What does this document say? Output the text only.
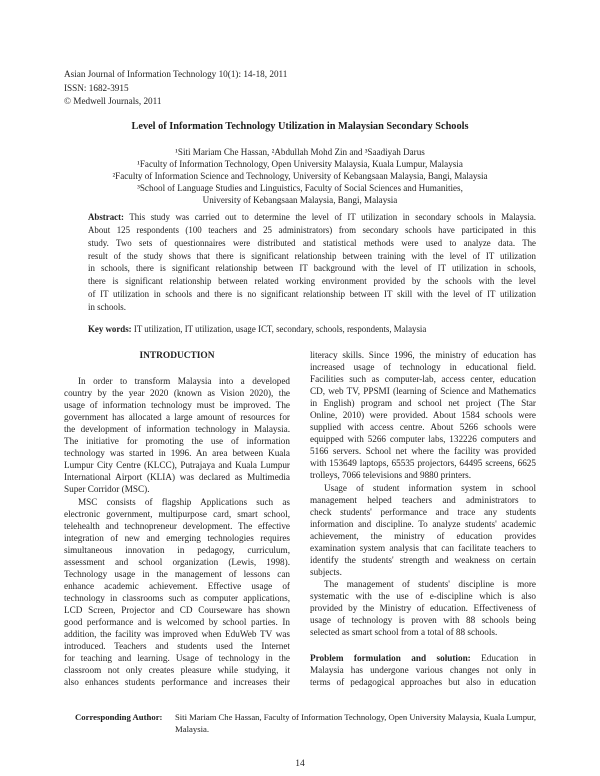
Asian Journal of Information Technology 10(1): 14-18, 2011
ISSN: 1682-3915
© Medwell Journals, 2011
Level of Information Technology Utilization in Malaysian Secondary Schools
¹Siti Mariam Che Hassan, ²Abdullah Mohd Zin and ³Saadiyah Darus
¹Faculty of Information Technology, Open University Malaysia, Kuala Lumpur, Malaysia
²Faculty of Information Science and Technology, University of Kebangsaan Malaysia, Bangi, Malaysia
³School of Language Studies and Linguistics, Faculty of Social Sciences and Humanities,
University of Kebangsaan Malaysia, Bangi, Malaysia
Abstract: This study was carried out to determine the level of IT utilization in secondary schools in Malaysia.
About 125 respondents (100 teachers and 25 administrators) from secondary schools have participated in this
study. Two sets of questionnaires were distributed and statistical methods were used to analyze data. The
result of the study shows that there is significant relationship between training with the level of IT utilization
in schools, there is significant relationship between IT background with the level of IT utilization in schools,
there is significant relationship between related working environment provided by the schools with the level
of IT utilization in schools and there is no significant relationship between IT skill with the level of IT utilization
in schools.
Key words: IT utilization, IT utilization, usage ICT, secondary, schools, respondents, Malaysia
INTRODUCTION
In order to transform Malaysia into a developed
country by the year 2020 (known as Vision 2020), the
usage of information technology must be improved. The
government has allocated a large amount of resources for
the development of information technology in Malaysia.
The initiative for promoting the use of information
technology was started in 1996. An area between Kuala
Lumpur City Centre (KLCC), Putrajaya and Kuala Lumpur
International Airport (KLIA) was declared as Multimedia
Super Corridor (MSC).
MSC consists of flagship Applications such as
electronic government, multipurpose card, smart school,
telehealth and technopreneur development. The effective
integration of new and emerging technologies requires
simultaneous innovation in pedagogy, curriculum,
assessment and school organization (Lewis, 1998).
Technology usage in the management of lessons can
enhance academic achievement. Effective usage of
technology in classrooms such as computer applications,
LCD Screen, Projector and CD Courseware has shown
good performance and is welcomed by school parties. In
addition, the facility was improved when EduWeb TV was
introduced. Teachers and students used the Internet
for teaching and learning. Usage of technology in the
classroom not only creates pleasure while studying, it
also enhances students performance and increases their
literacy skills. Since 1996, the ministry of education has
increased usage of technology in educational field.
Facilities such as computer-lab, access center, education
CD, web TV, PPSMI (learning of Science and Mathematics
in English) program and school net project (The Star
Online, 2010) were provided. About 1584 schools were
supplied with access centre. About 5266 schools were
equipped with 5266 computer labs, 132226 computers and
5166 servers. School net where the facility was provided
with 153649 laptops, 65535 projectors, 64495 screens, 6625
trolleys, 7066 televisions and 9880 printers.
Usage of student information system in school
management helped teachers and administrators to
check students' performance and trace any students
information and discipline. To analyze students' academic
achievement, the ministry of education provides
examination system analysis that can facilitate teachers to
identify the students' strength and weakness on certain
subjects.
The management of students' discipline is more
systematic with the use of e-discipline which is also
provided by the Ministry of education. Effectiveness of
usage of technology is proven with 88 schools being
selected as smart school from a total of 88 schools.
Problem formulation and solution: Education in
Malaysia has undergone various changes not only in
terms of pedagogical approaches but also in education
Corresponding Author: Siti Mariam Che Hassan, Faculty of Information Technology, Open University Malaysia, Kuala Lumpur,
Malaysia.
14
